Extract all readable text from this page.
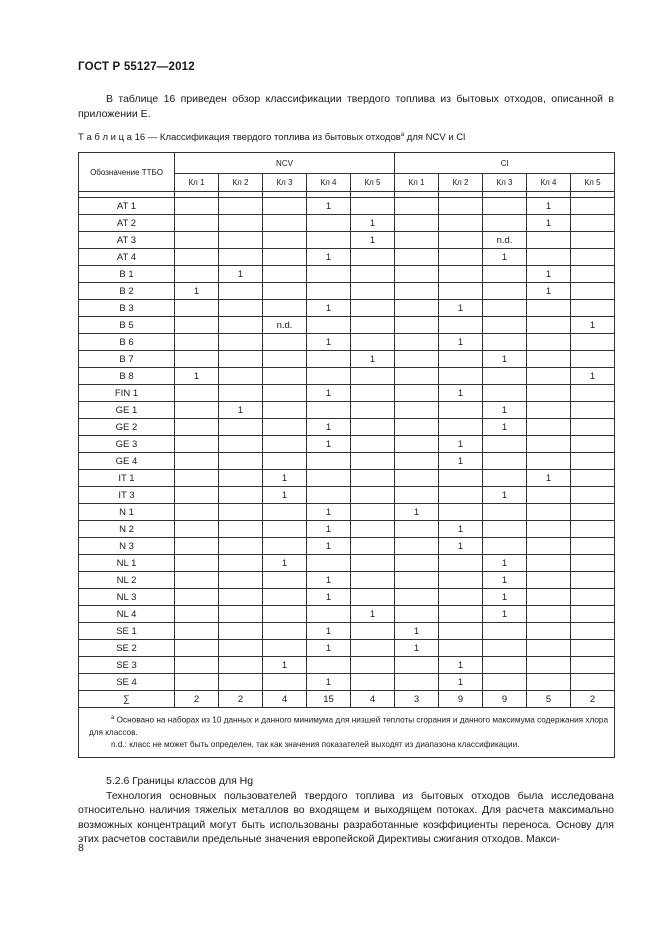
ГОСТ Р 55127—2012
В таблице 16 приведен обзор классификации твердого топлива из бытовых отходов, описанной в приложении Е.
Т а б л и ц а 16 — Классификация твердого топлива из бытовых отходов$^a$ для NCV и Cl
Обозначение ТТБО	NCV					Cl				
	Кл 1	Кл 2	Кл 3	Кл 4	Кл 5	Кл 1	Кл 2	Кл 3	Кл 4	Кл 5

AT 1				1					1	
AT 2					1				1	
AT 3					1			n.d.		
AT 4				1				1		
B 1		1							1	
B 2	1								1	
B 3				1			1			
B 5			n.d.							1
B 6				1			1			
B 7					1			1		
B 8	1									1
FIN 1				1			1			
GE 1		1						1		
GE 2				1				1		
GE 3				1			1			
GE 4							1			
IT 1			1						1	
IT 3			1					1		
N 1				1		1				
N 2				1			1			
N 3				1			1			
NL 1			1					1		
NL 2				1				1		
NL 3				1				1		
NL 4					1			1		
SE 1				1		1				
SE 2				1		1				
SE 3			1				1			
SE 4				1			1			
∑	2	2	4	15	4	3	9	9	5	2

$^a$ Основано на наборах из 10 данных и данного минимума для низшей теплоты сгорания и данного максимума содержания хлора для классов.
n.d.: класс не может быть определен, так как значения показателей выходят из диапазона классификации.										
5.2.6 Границы классов для Hg
Технология основных пользователей твердого топлива из бытовых отходов была исследована относительно наличия тяжелых металлов во входящем и выходящем потоках. Для расчета максимально возможных концентраций могут быть использованы разработанные коэффициенты переноса. Основу для этих расчетов составили предельные значения европейской Директивы сжигания отходов. Макси-
8
